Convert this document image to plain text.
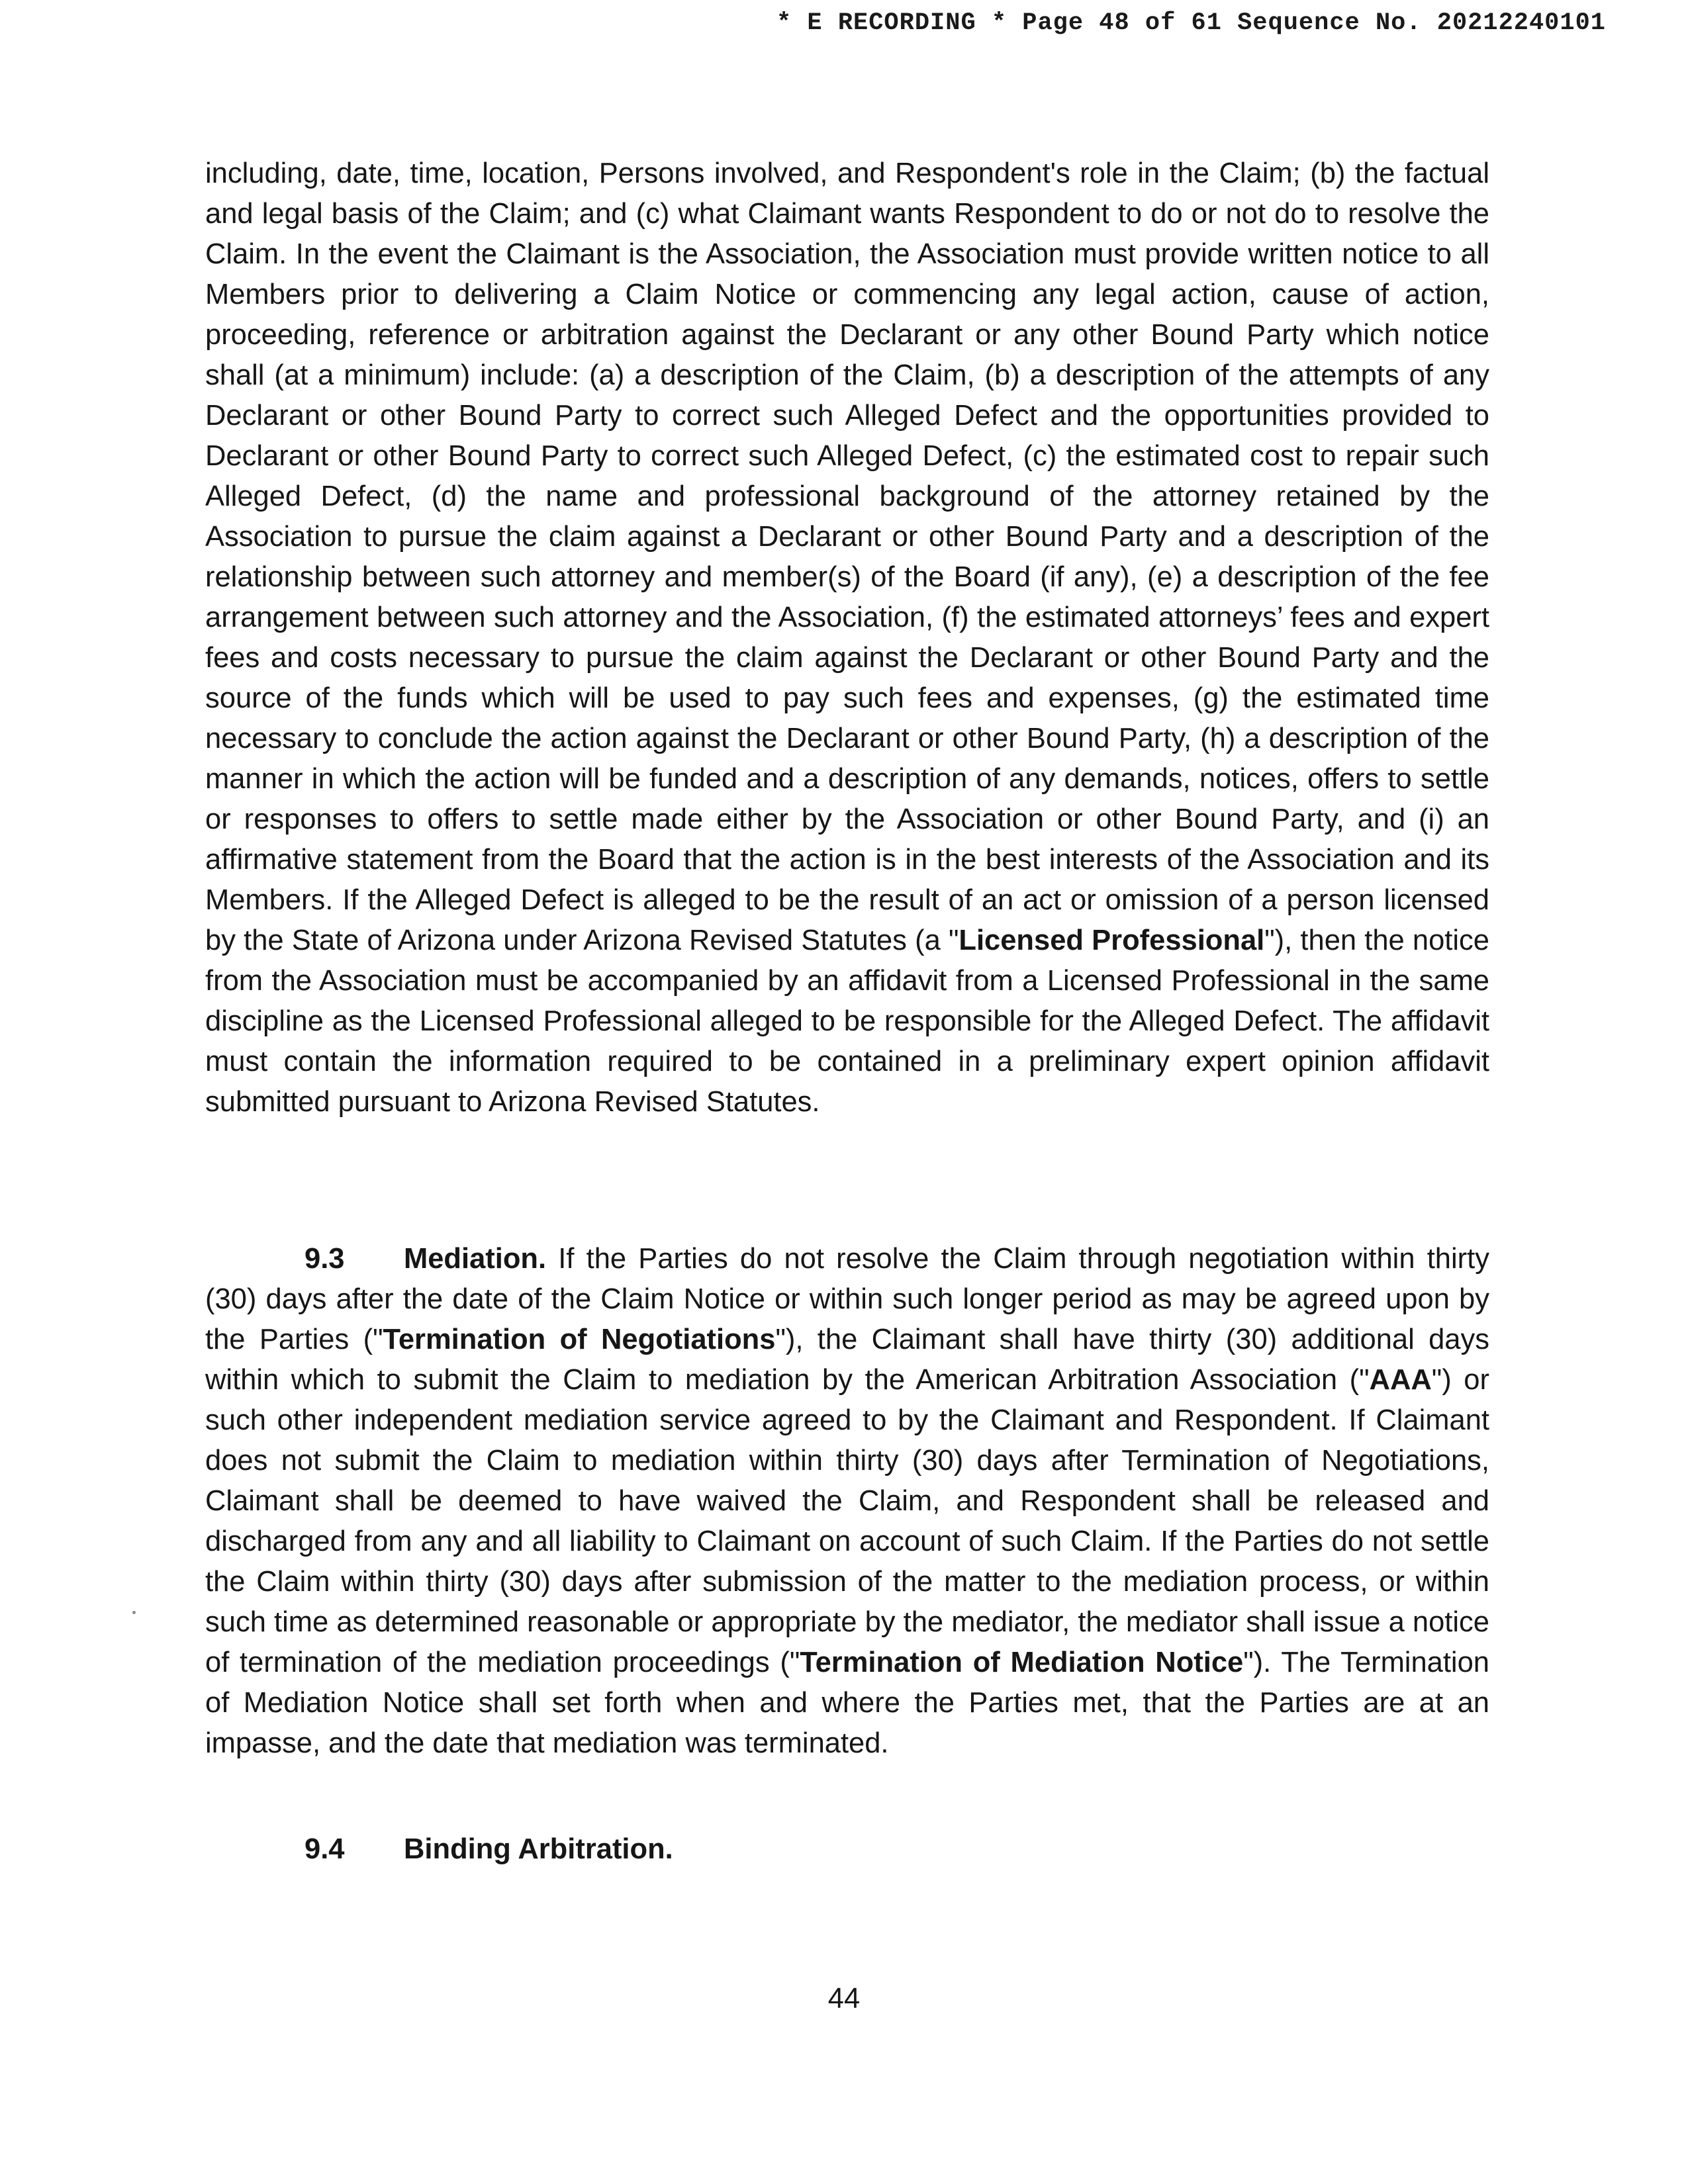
* E RECORDING * Page 48 of 61 Sequence No. 20212240101

including, date, time, location, Persons involved, and Respondent's role in the Claim; (b) the factual and legal basis of the Claim; and (c) what Claimant wants Respondent to do or not do to resolve the Claim. In the event the Claimant is the Association, the Association must provide written notice to all Members prior to delivering a Claim Notice or commencing any legal action, cause of action, proceeding, reference or arbitration against the Declarant or any other Bound Party which notice shall (at a minimum) include: (a) a description of the Claim, (b) a description of the attempts of any Declarant or other Bound Party to correct such Alleged Defect and the opportunities provided to Declarant or other Bound Party to correct such Alleged Defect, (c) the estimated cost to repair such Alleged Defect, (d) the name and professional background of the attorney retained by the Association to pursue the claim against a Declarant or other Bound Party and a description of the relationship between such attorney and member(s) of the Board (if any), (e) a description of the fee arrangement between such attorney and the Association, (f) the estimated attorneys’ fees and expert fees and costs necessary to pursue the claim against the Declarant or other Bound Party and the source of the funds which will be used to pay such fees and expenses, (g) the estimated time necessary to conclude the action against the Declarant or other Bound Party, (h) a description of the manner in which the action will be funded and a description of any demands, notices, offers to settle or responses to offers to settle made either by the Association or other Bound Party, and (i) an affirmative statement from the Board that the action is in the best interests of the Association and its Members. If the Alleged Defect is alleged to be the result of an act or omission of a person licensed by the State of Arizona under Arizona Revised Statutes (a "Licensed Professional"), then the notice from the Association must be accompanied by an affidavit from a Licensed Professional in the same discipline as the Licensed Professional alleged to be responsible for the Alleged Defect. The affidavit must contain the information required to be contained in a preliminary expert opinion affidavit submitted pursuant to Arizona Revised Statutes.

9.3 Mediation. If the Parties do not resolve the Claim through negotiation within thirty (30) days after the date of the Claim Notice or within such longer period as may be agreed upon by the Parties ("Termination of Negotiations"), the Claimant shall have thirty (30) additional days within which to submit the Claim to mediation by the American Arbitration Association ("AAA") or such other independent mediation service agreed to by the Claimant and Respondent. If Claimant does not submit the Claim to mediation within thirty (30) days after Termination of Negotiations, Claimant shall be deemed to have waived the Claim, and Respondent shall be released and discharged from any and all liability to Claimant on account of such Claim. If the Parties do not settle the Claim within thirty (30) days after submission of the matter to the mediation process, or within such time as determined reasonable or appropriate by the mediator, the mediator shall issue a notice of termination of the mediation proceedings ("Termination of Mediation Notice"). The Termination of Mediation Notice shall set forth when and where the Parties met, that the Parties are at an impasse, and the date that mediation was terminated.

9.4 Binding Arbitration.
44
